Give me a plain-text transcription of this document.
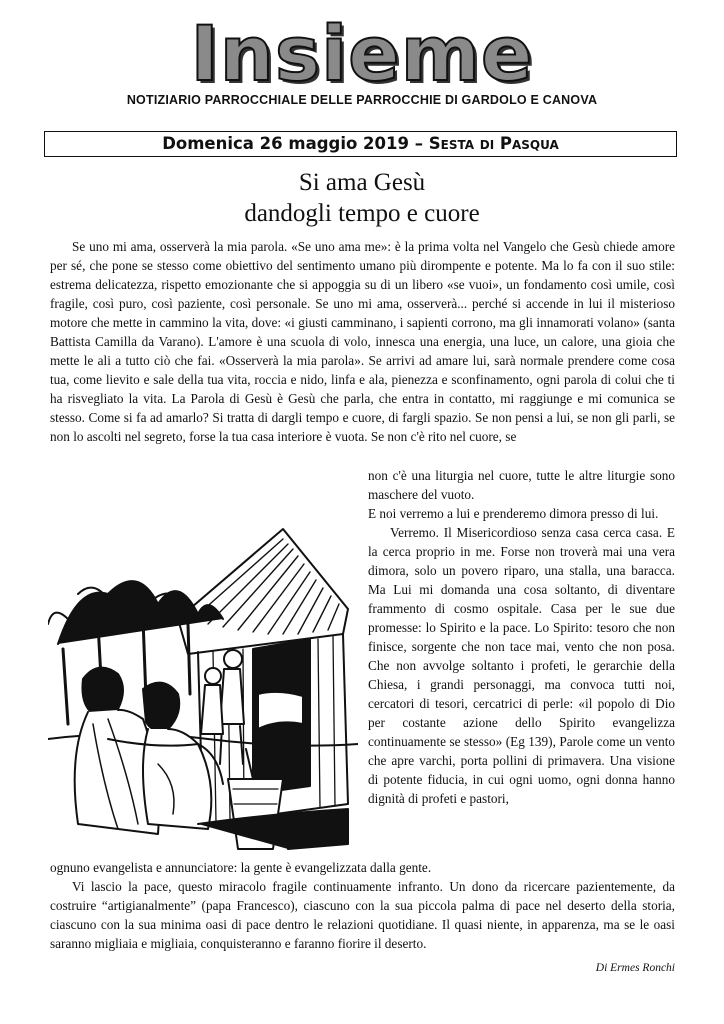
Insieme
NOTIZIARIO PARROCCHIALE DELLE PARROCCHIE DI GARDOLO E CANOVA
Domenica 26 maggio 2019 – Sesta di Pasqua
Si ama Gesù
dandogli tempo e cuore

Se uno mi ama, osserverà la mia parola. «Se uno ama me»: è la prima volta nel Vangelo che Gesù chiede amore per sé, che pone se stesso come obiettivo del sentimento umano più dirompente e potente. Ma lo fa con il suo stile: estrema delicatezza, rispetto emozionante che si appoggia su di un libero «se vuoi», un fondamento così umile, così fragile, così puro, così paziente, così personale. Se uno mi ama, osserverà... perché si accende in lui il misterioso motore che mette in cammino la vita, dove: «i giusti camminano, i sapienti corrono, ma gli innamorati volano» (santa Battista Camilla da Varano). L'amore è una scuola di volo, innesca una energia, una luce, un calore, una gioia che mette le ali a tutto ciò che fai. «Osserverà la mia parola». Se arrivi ad amare lui, sarà normale prendere come cosa tua, come lievito e sale della tua vita, roccia e nido, linfa e ala, pienezza e sconfinamento, ogni parola di colui che ti ha risvegliato la vita. La Parola di Gesù è Gesù che parla, che entra in contatto, mi raggiunge e mi comunica se stesso. Come si fa ad amarlo? Si tratta di dargli tempo e cuore, di fargli spazio. Se non pensi a lui, se non gli parli, se non lo ascolti nel segreto, forse la tua casa interiore è vuota. Se non c'è rito nel cuore, se

non c'è una liturgia nel cuore, tutte le altre liturgie sono maschere del vuoto.

E noi verremo a lui e prenderemo dimora presso di lui.

Verremo. Il Misericordioso senza casa cerca casa. E la cerca proprio in me. Forse non troverà mai una vera dimora, solo un povero riparo, una stalla, una baracca. Ma Lui mi domanda una cosa soltanto, di diventare frammento di cosmo ospitale. Casa per le sue due promesse: lo Spirito e la pace. Lo Spirito: tesoro che non finisce, sorgente che non tace mai, vento che non posa. Che non avvolge soltanto i profeti, le gerarchie della Chiesa, i grandi personaggi, ma convoca tutti noi, cercatori di tesori, cercatrici di perle: «il popolo di Dio per costante azione dello Spirito evangelizza continuamente se stesso» (Eg 139), Parole come un vento che apre varchi, porta pollini di primavera. Una visione di potente fiducia, in cui ogni uomo, ogni donna hanno dignità di profeti e pastori,

ognuno evangelista e annunciatore: la gente è evangelizzata dalla gente.

Vi lascio la pace, questo miracolo fragile continuamente infranto. Un dono da ricercare pazientemente, da costruire “artigianalmente” (papa Francesco), ciascuno con la sua piccola palma di pace nel deserto della storia, ciascuno con la sua minima oasi di pace dentro le relazioni quotidiane. Il quasi niente, in apparenza, ma se le oasi saranno migliaia e migliaia, conquisteranno e faranno fiorire il deserto.

Di Ermes Ronchi
